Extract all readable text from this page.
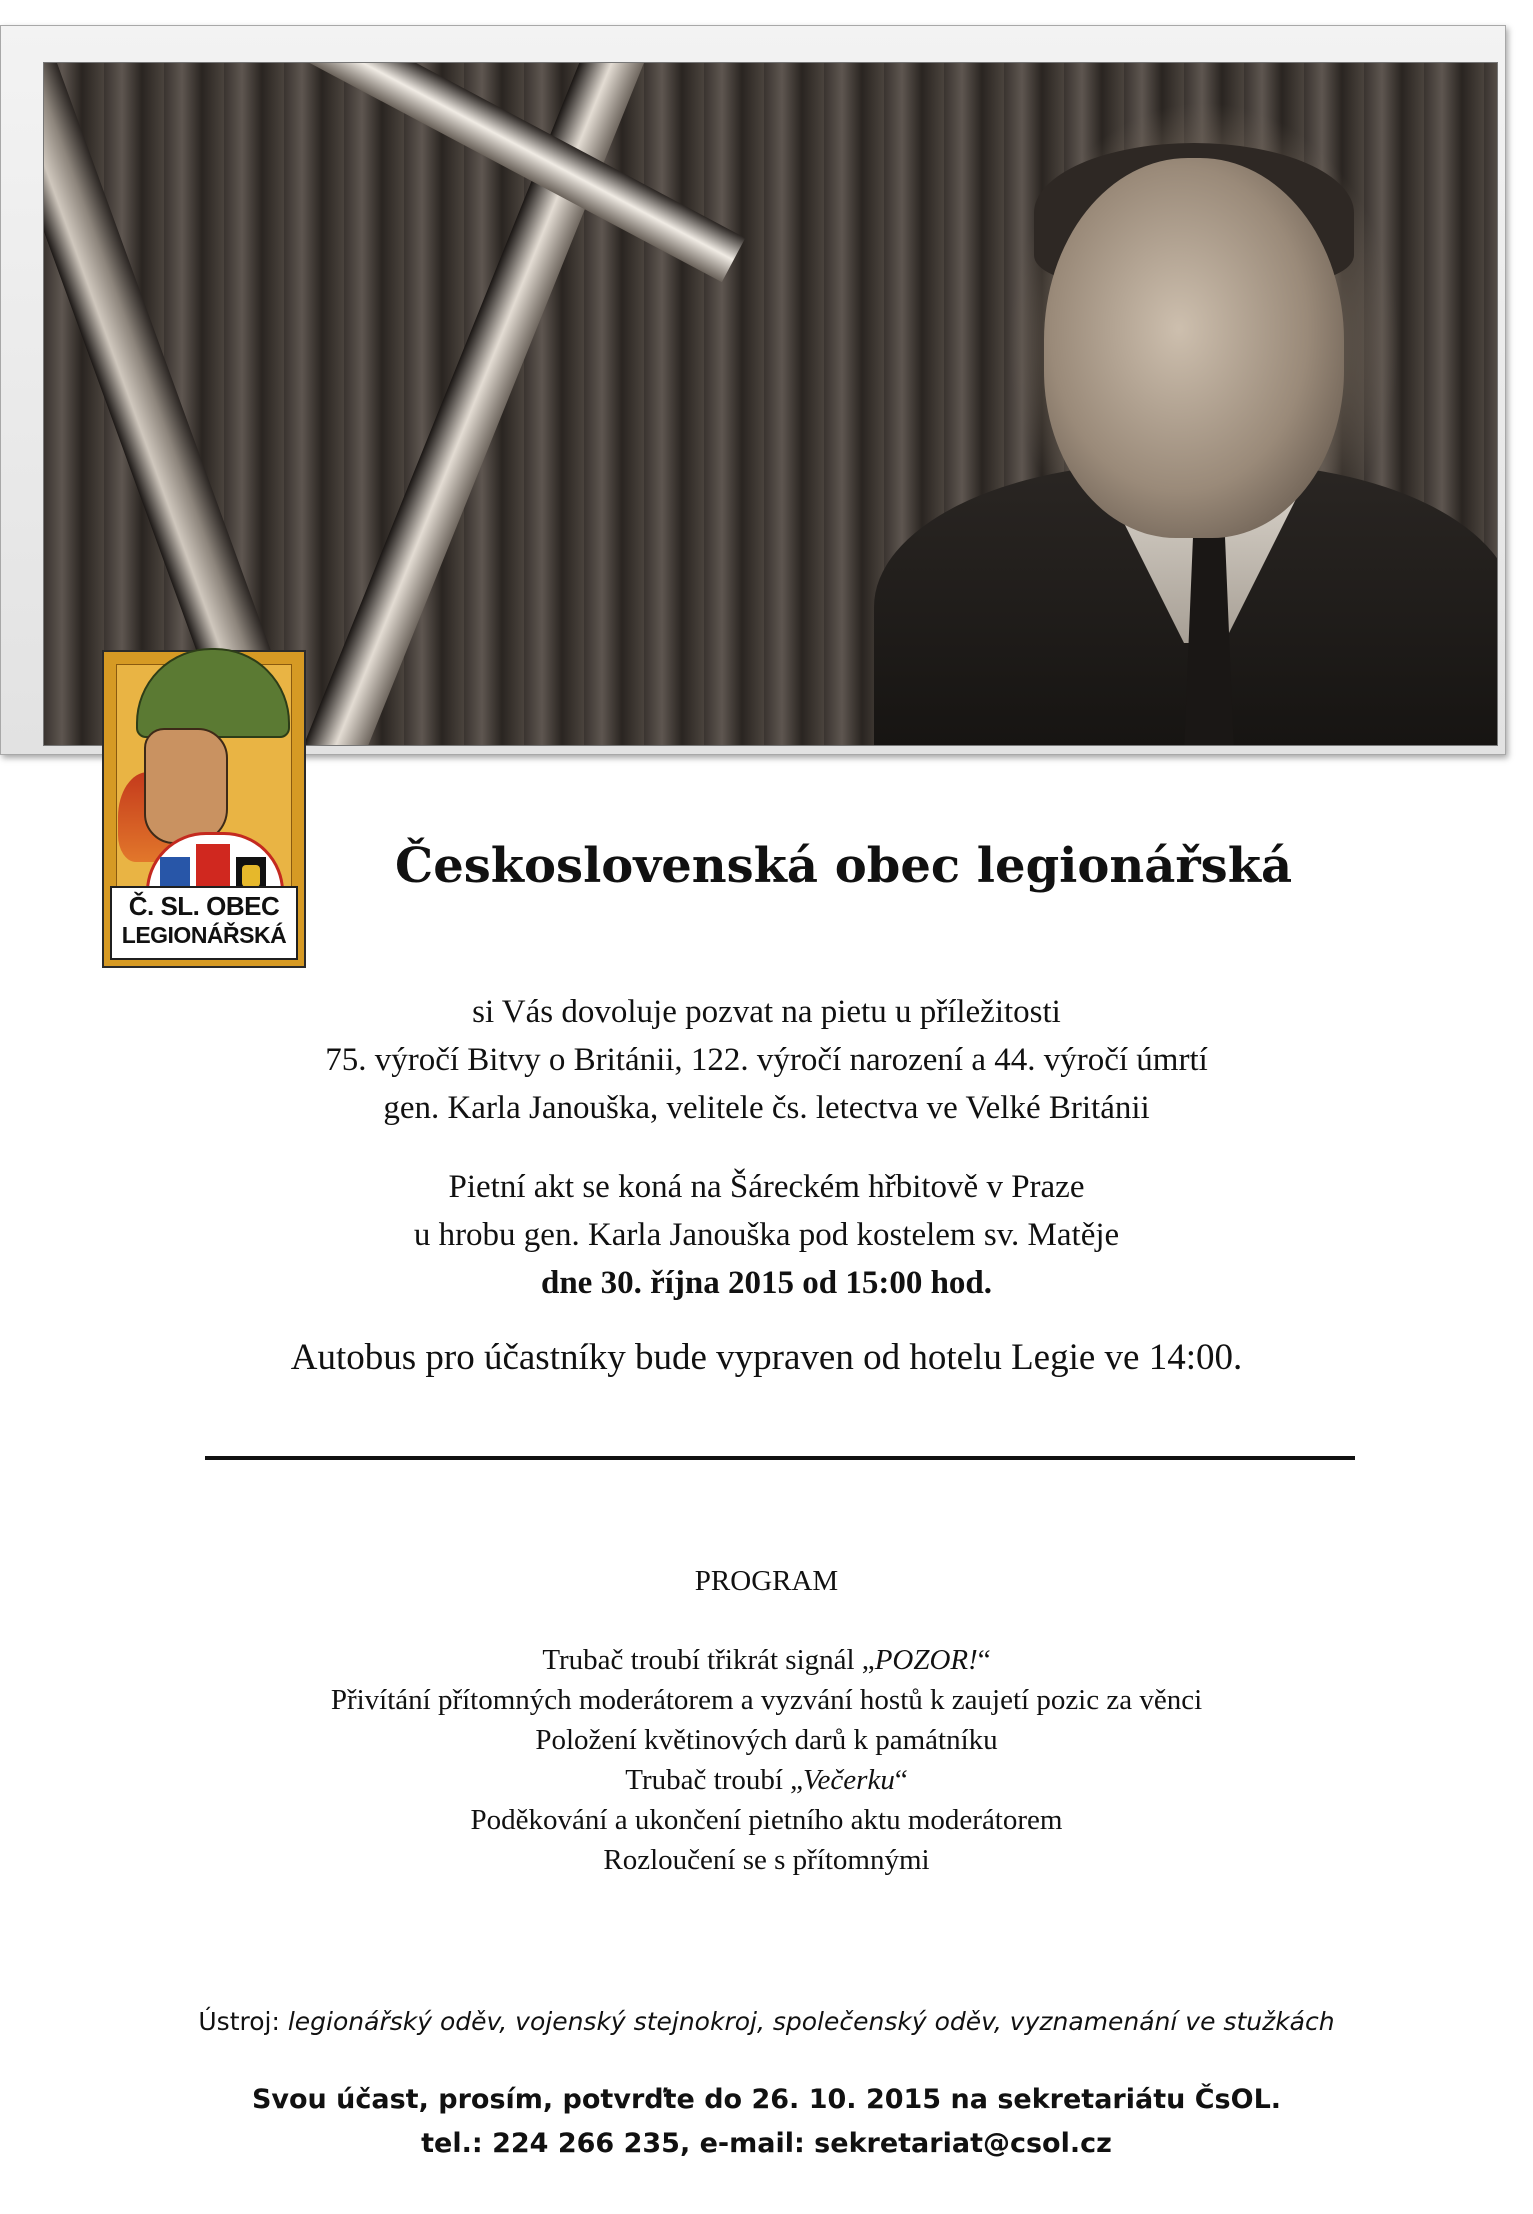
Č. SL. OBEC
LEGIONÁŘSKÁ
Československá obec legionářská
si Vás dovoluje pozvat na pietu u příležitosti
75. výročí Bitvy o Británii, 122. výročí narození a 44. výročí úmrtí
gen. Karla Janouška, velitele čs. letectva ve Velké Británii
Pietní akt se koná na Šáreckém hřbitově v Praze
u hrobu gen. Karla Janouška pod kostelem sv. Matěje
dne 30. října 2015 od 15:00 hod.
Autobus pro účastníky bude vypraven od hotelu Legie ve 14:00.
PROGRAM
Trubač troubí třikrát signál „POZOR!“
Přivítání přítomných moderátorem a vyzvání hostů k zaujetí pozic za věnci
Položení květinových darů k památníku
Trubač troubí „Večerku“
Poděkování a ukončení pietního aktu moderátorem
Rozloučení se s přítomnými
Ústroj: legionářský oděv, vojenský stejnokroj, společenský oděv, vyznamenání ve stužkách
Svou účast, prosím, potvrďte do 26. 10. 2015 na sekretariátu ČsOL.
tel.: 224 266 235, e-mail: sekretariat@csol.cz
